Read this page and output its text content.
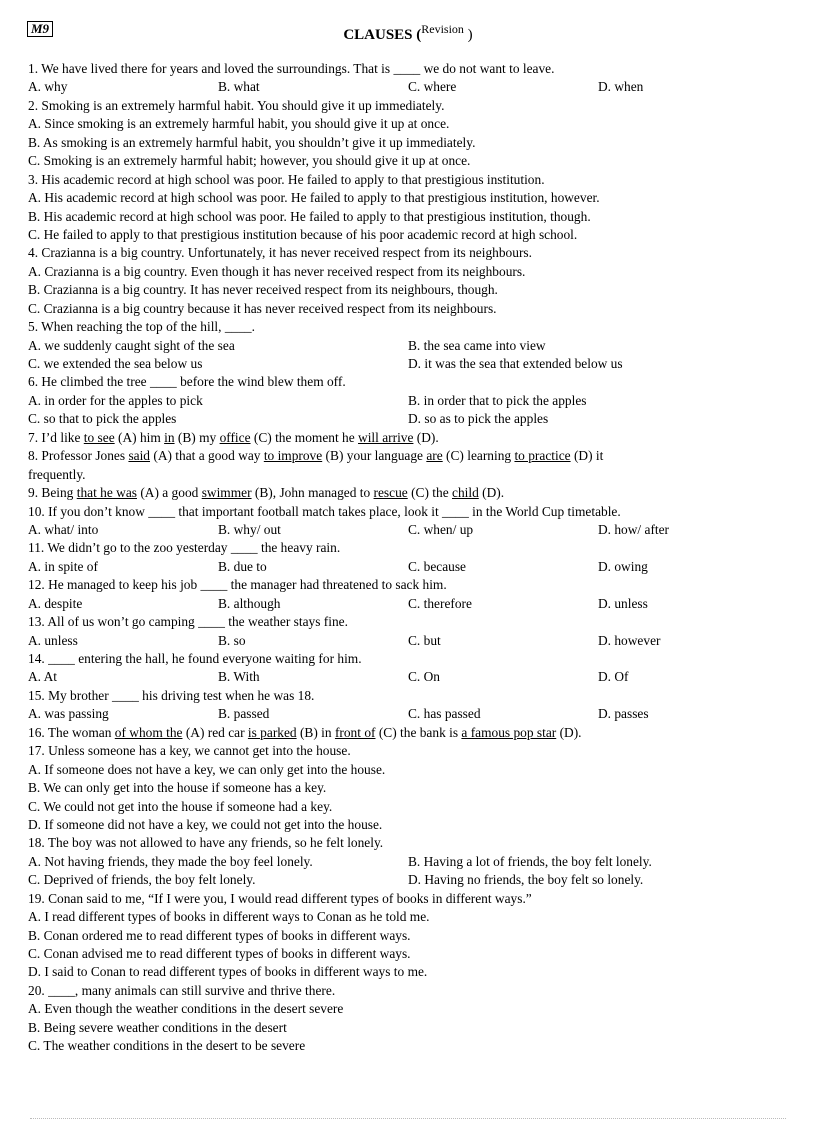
M9	CLAUSES ($^{Revision}$ )
1. We have lived there for years and loved the surroundings. That is ____ we do not want to leave.
A. why	B. what	C. where	D. when
2. Smoking is an extremely harmful habit. You should give it up immediately.
A. Since smoking is an extremely harmful habit, you should give it up at once.
B. As smoking is an extremely harmful habit, you shouldn’t give it up immediately.
C. Smoking is an extremely harmful habit; however, you should give it up at once.
3. His academic record at high school was poor. He failed to apply to that prestigious institution.
A. His academic record at high school was poor. He failed to apply to that prestigious institution, however.
B. His academic record at high school was poor. He failed to apply to that prestigious institution, though.
C. He failed to apply to that prestigious institution because of his poor academic record at high school.
4. Crazianna is a big country. Unfortunately, it has never received respect from its neighbours.
A. Crazianna is a big country. Even though it has never received respect from its neighbours.
B. Crazianna is a big country. It has never received respect from its neighbours, though.
C. Crazianna is a big country because it has never received respect from its neighbours.
5. When reaching the top of the hill, ____.
A. we suddenly caught sight of the sea	B. the sea came into view
C. we extended the sea below us	D. it was the sea that extended below us
6. He climbed the tree ____ before the wind blew them off.
A. in order for the apples to pick	B. in order that to pick the apples
C. so that to pick the apples	D. so as to pick the apples
7. I’d like to see (A) him in (B) my office (C) the moment he will arrive (D).
8. Professor Jones said (A) that a good way to improve (B) your language are (C) learning to practice (D) it
frequently.
9. Being that he was (A) a good swimmer (B), John managed to rescue (C) the child (D).
10. If you don’t know ____ that important football match takes place, look it ____ in the World Cup timetable.
A. what/ into	B. why/ out	C. when/ up	D. how/ after
11. We didn’t go to the zoo yesterday ____ the heavy rain.
A. in spite of	B. due to	C. because	D. owing
12. He managed to keep his job ____ the manager had threatened to sack him.
A. despite	B. although	C. therefore	D. unless
13. All of us won’t go camping ____ the weather stays fine.
A. unless	B. so	C. but	D. however
14. ____ entering the hall, he found everyone waiting for him.
A. At	B. With	C. On	D. Of
15. My brother ____ his driving test when he was 18.
A. was passing	B. passed	C. has passed	D. passes
16. The woman of whom the (A) red car is parked (B) in front of (C) the bank is a famous pop star (D).
17. Unless someone has a key, we cannot get into the house.
A. If someone does not have a key, we can only get into the house.
B. We can only get into the house if someone has a key.
C. We could not get into the house if someone had a key.
D. If someone did not have a key, we could not get into the house.
18. The boy was not allowed to have any friends, so he felt lonely.
A. Not having friends, they made the boy feel lonely.	B. Having a lot of friends, the boy felt lonely.
C. Deprived of friends, the boy felt lonely.	D. Having no friends, the boy felt so lonely.
19. Conan said to me, “If I were you, I would read different types of books in different ways.”
A. I read different types of books in different ways to Conan as he told me.
B. Conan ordered me to read different types of books in different ways.
C. Conan advised me to read different types of books in different ways.
D. I said to Conan to read different types of books in different ways to me.
20. ____, many animals can still survive and thrive there.
A. Even though the weather conditions in the desert severe
B. Being severe weather conditions in the desert
C. The weather conditions in the desert to be severe
